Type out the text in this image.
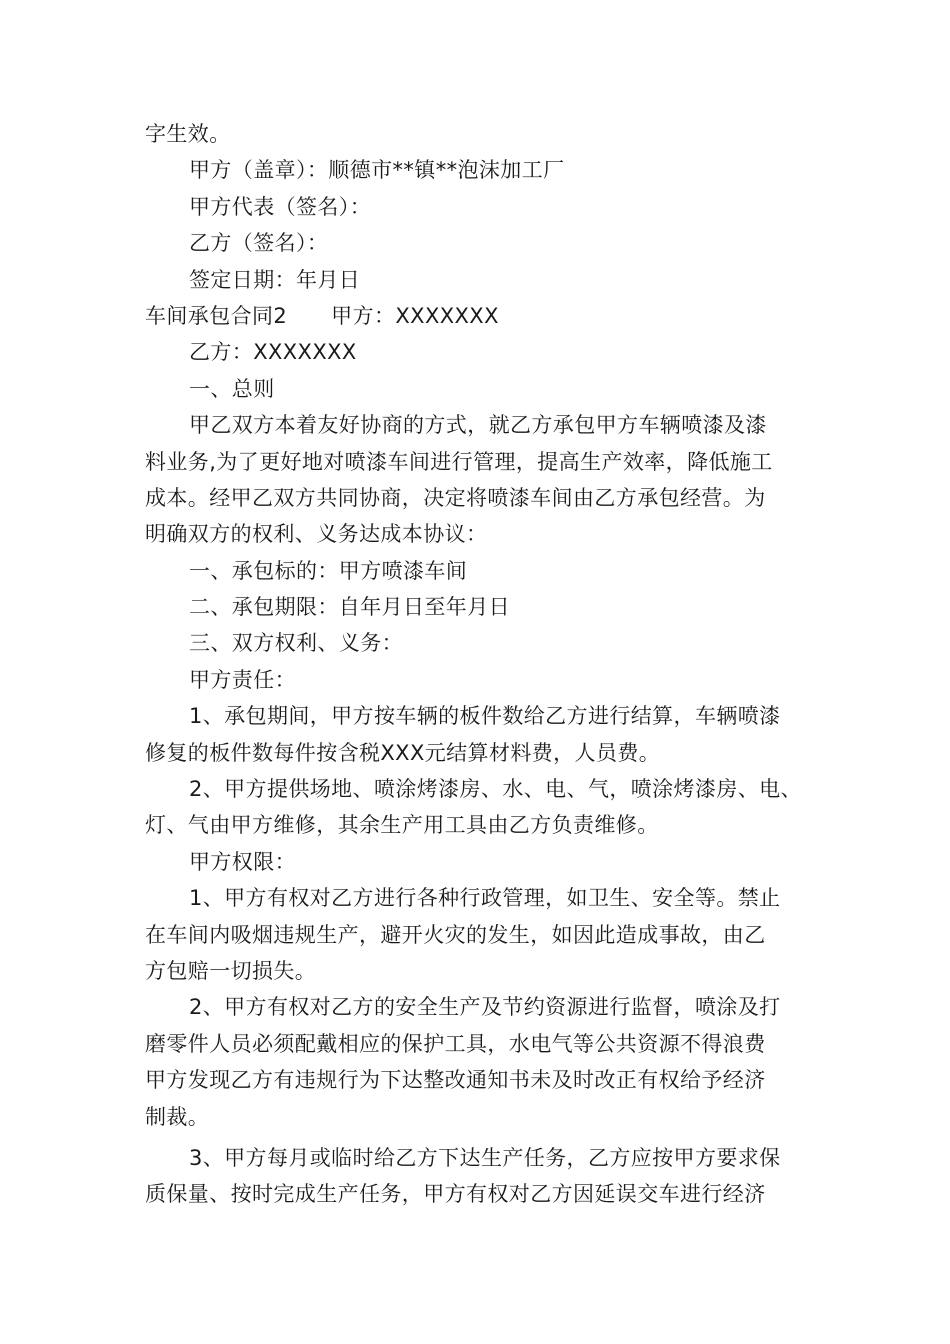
字生效。
甲方（盖章）：顺德市**镇**泡沫加工厂
甲方代表（签名）：
乙方（签名）：
签定日期：年月日
车间承包合同2 甲方：XXXXXXX
乙方：XXXXXXX
一、总则
甲乙双方本着友好协商的方式，就乙方承包甲方车辆喷漆及漆
料业务,为了更好地对喷漆车间进行管理，提高生产效率，降低施工
成本。经甲乙双方共同协商，决定将喷漆车间由乙方承包经营。为
明确双方的权利、义务达成本协议：
一、承包标的：甲方喷漆车间
二、承包期限：自年月日至年月日
三、双方权利、义务：
甲方责任：
1、承包期间，甲方按车辆的板件数给乙方进行结算，车辆喷漆
修复的板件数每件按含税XXX元结算材料费，人员费。
2、甲方提供场地、喷涂烤漆房、水、电、气，喷涂烤漆房、电、
灯、气由甲方维修，其余生产用工具由乙方负责维修。
甲方权限：
1、甲方有权对乙方进行各种行政管理，如卫生、安全等。禁止
在车间内吸烟违规生产，避开火灾的发生，如因此造成事故，由乙
方包赔一切损失。
2、甲方有权对乙方的安全生产及节约资源进行监督，喷涂及打
磨零件人员必须配戴相应的保护工具，水电气等公共资源不得浪费
甲方发现乙方有违规行为下达整改通知书未及时改正有权给予经济
制裁。
3、甲方每月或临时给乙方下达生产任务，乙方应按甲方要求保
质保量、按时完成生产任务，甲方有权对乙方因延误交车进行经济
